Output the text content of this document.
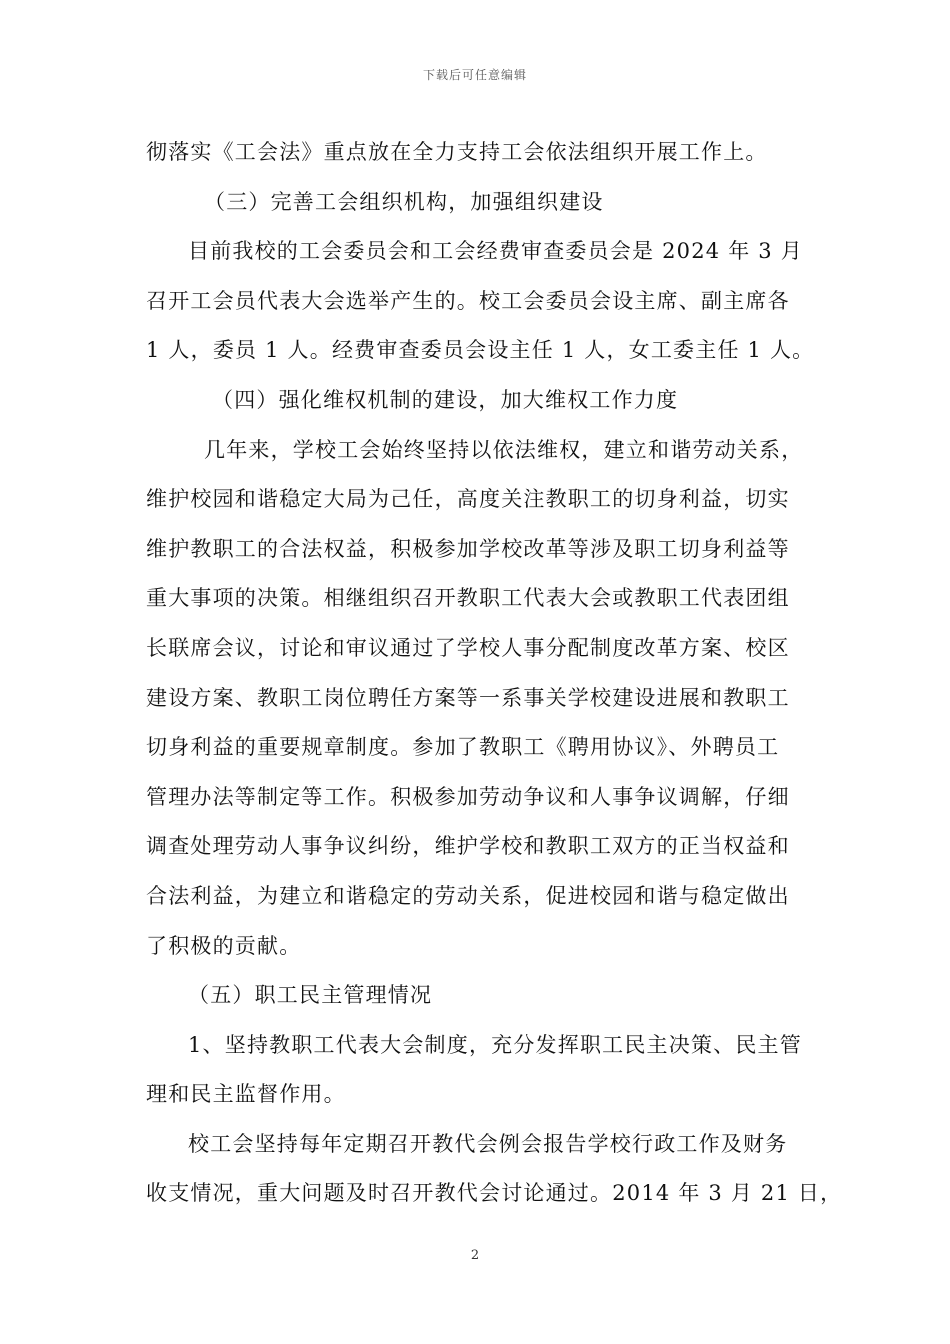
下载后可任意编辑
彻落实《工会法》重点放在全力支持工会依法组织开展工作上。
（三）完善工会组织机构，加强组织建设
目前我校的工会委员会和工会经费审查委员会是 2024 年 3 月
召开工会员代表大会选举产生的。校工会委员会设主席、副主席各
1 人，委员 1 人。经费审查委员会设主任 1 人，女工委主任 1 人。
（四）强化维权机制的建设，加大维权工作力度
几年来，学校工会始终坚持以依法维权，建立和谐劳动关系，
维护校园和谐稳定大局为己任，高度关注教职工的切身利益，切实
维护教职工的合法权益，积极参加学校改革等涉及职工切身利益等
重大事项的决策。相继组织召开教职工代表大会或教职工代表团组
长联席会议，讨论和审议通过了学校人事分配制度改革方案、校区
建设方案、教职工岗位聘任方案等一系事关学校建设进展和教职工
切身利益的重要规章制度。参加了教职工《聘用协议》、外聘员工
管理办法等制定等工作。积极参加劳动争议和人事争议调解，仔细
调查处理劳动人事争议纠纷，维护学校和教职工双方的正当权益和
合法利益，为建立和谐稳定的劳动关系，促进校园和谐与稳定做出
了积极的贡献。
（五）职工民主管理情况
1、坚持教职工代表大会制度，充分发挥职工民主决策、民主管
理和民主监督作用。
校工会坚持每年定期召开教代会例会报告学校行政工作及财务
收支情况，重大问题及时召开教代会讨论通过。2014 年 3 月 21 日，
2
